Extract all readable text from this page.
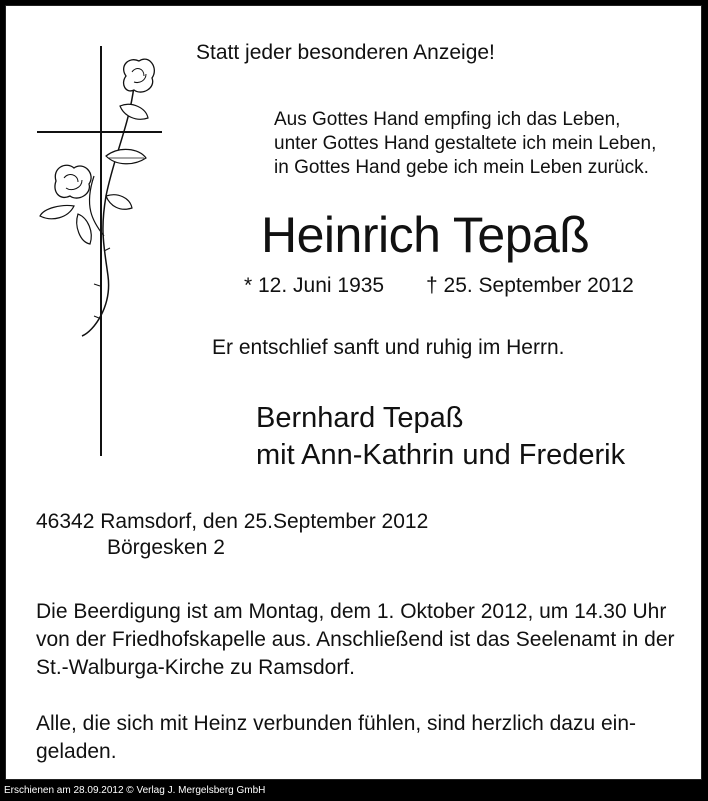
Statt jeder besonderen Anzeige!

Aus Gottes Hand empfing ich das Leben,
unter Gottes Hand gestaltete ich mein Leben,
in Gottes Hand gebe ich mein Leben zurück.
Heinrich Tepaß

* 12. Juni 1935 † 25. September 2012

Er entschlief sanft und ruhig im Herrn.

Bernhard Tepaß
mit Ann-Kathrin und Frederik

46342 Ramsdorf, den 25.September 2012

Börgesken 2

Die Beerdigung ist am Montag, dem 1. Oktober 2012, um 14.30 Uhr von der Friedhofskapelle aus. Anschließend ist das Seelenamt in der St.-Walburga-Kirche zu Ramsdorf.

Alle, die sich mit Heinz verbunden fühlen, sind herzlich dazu eingeladen.

Erschienen am 28.09.2012 © Verlag J. Mergelsberg GmbH
